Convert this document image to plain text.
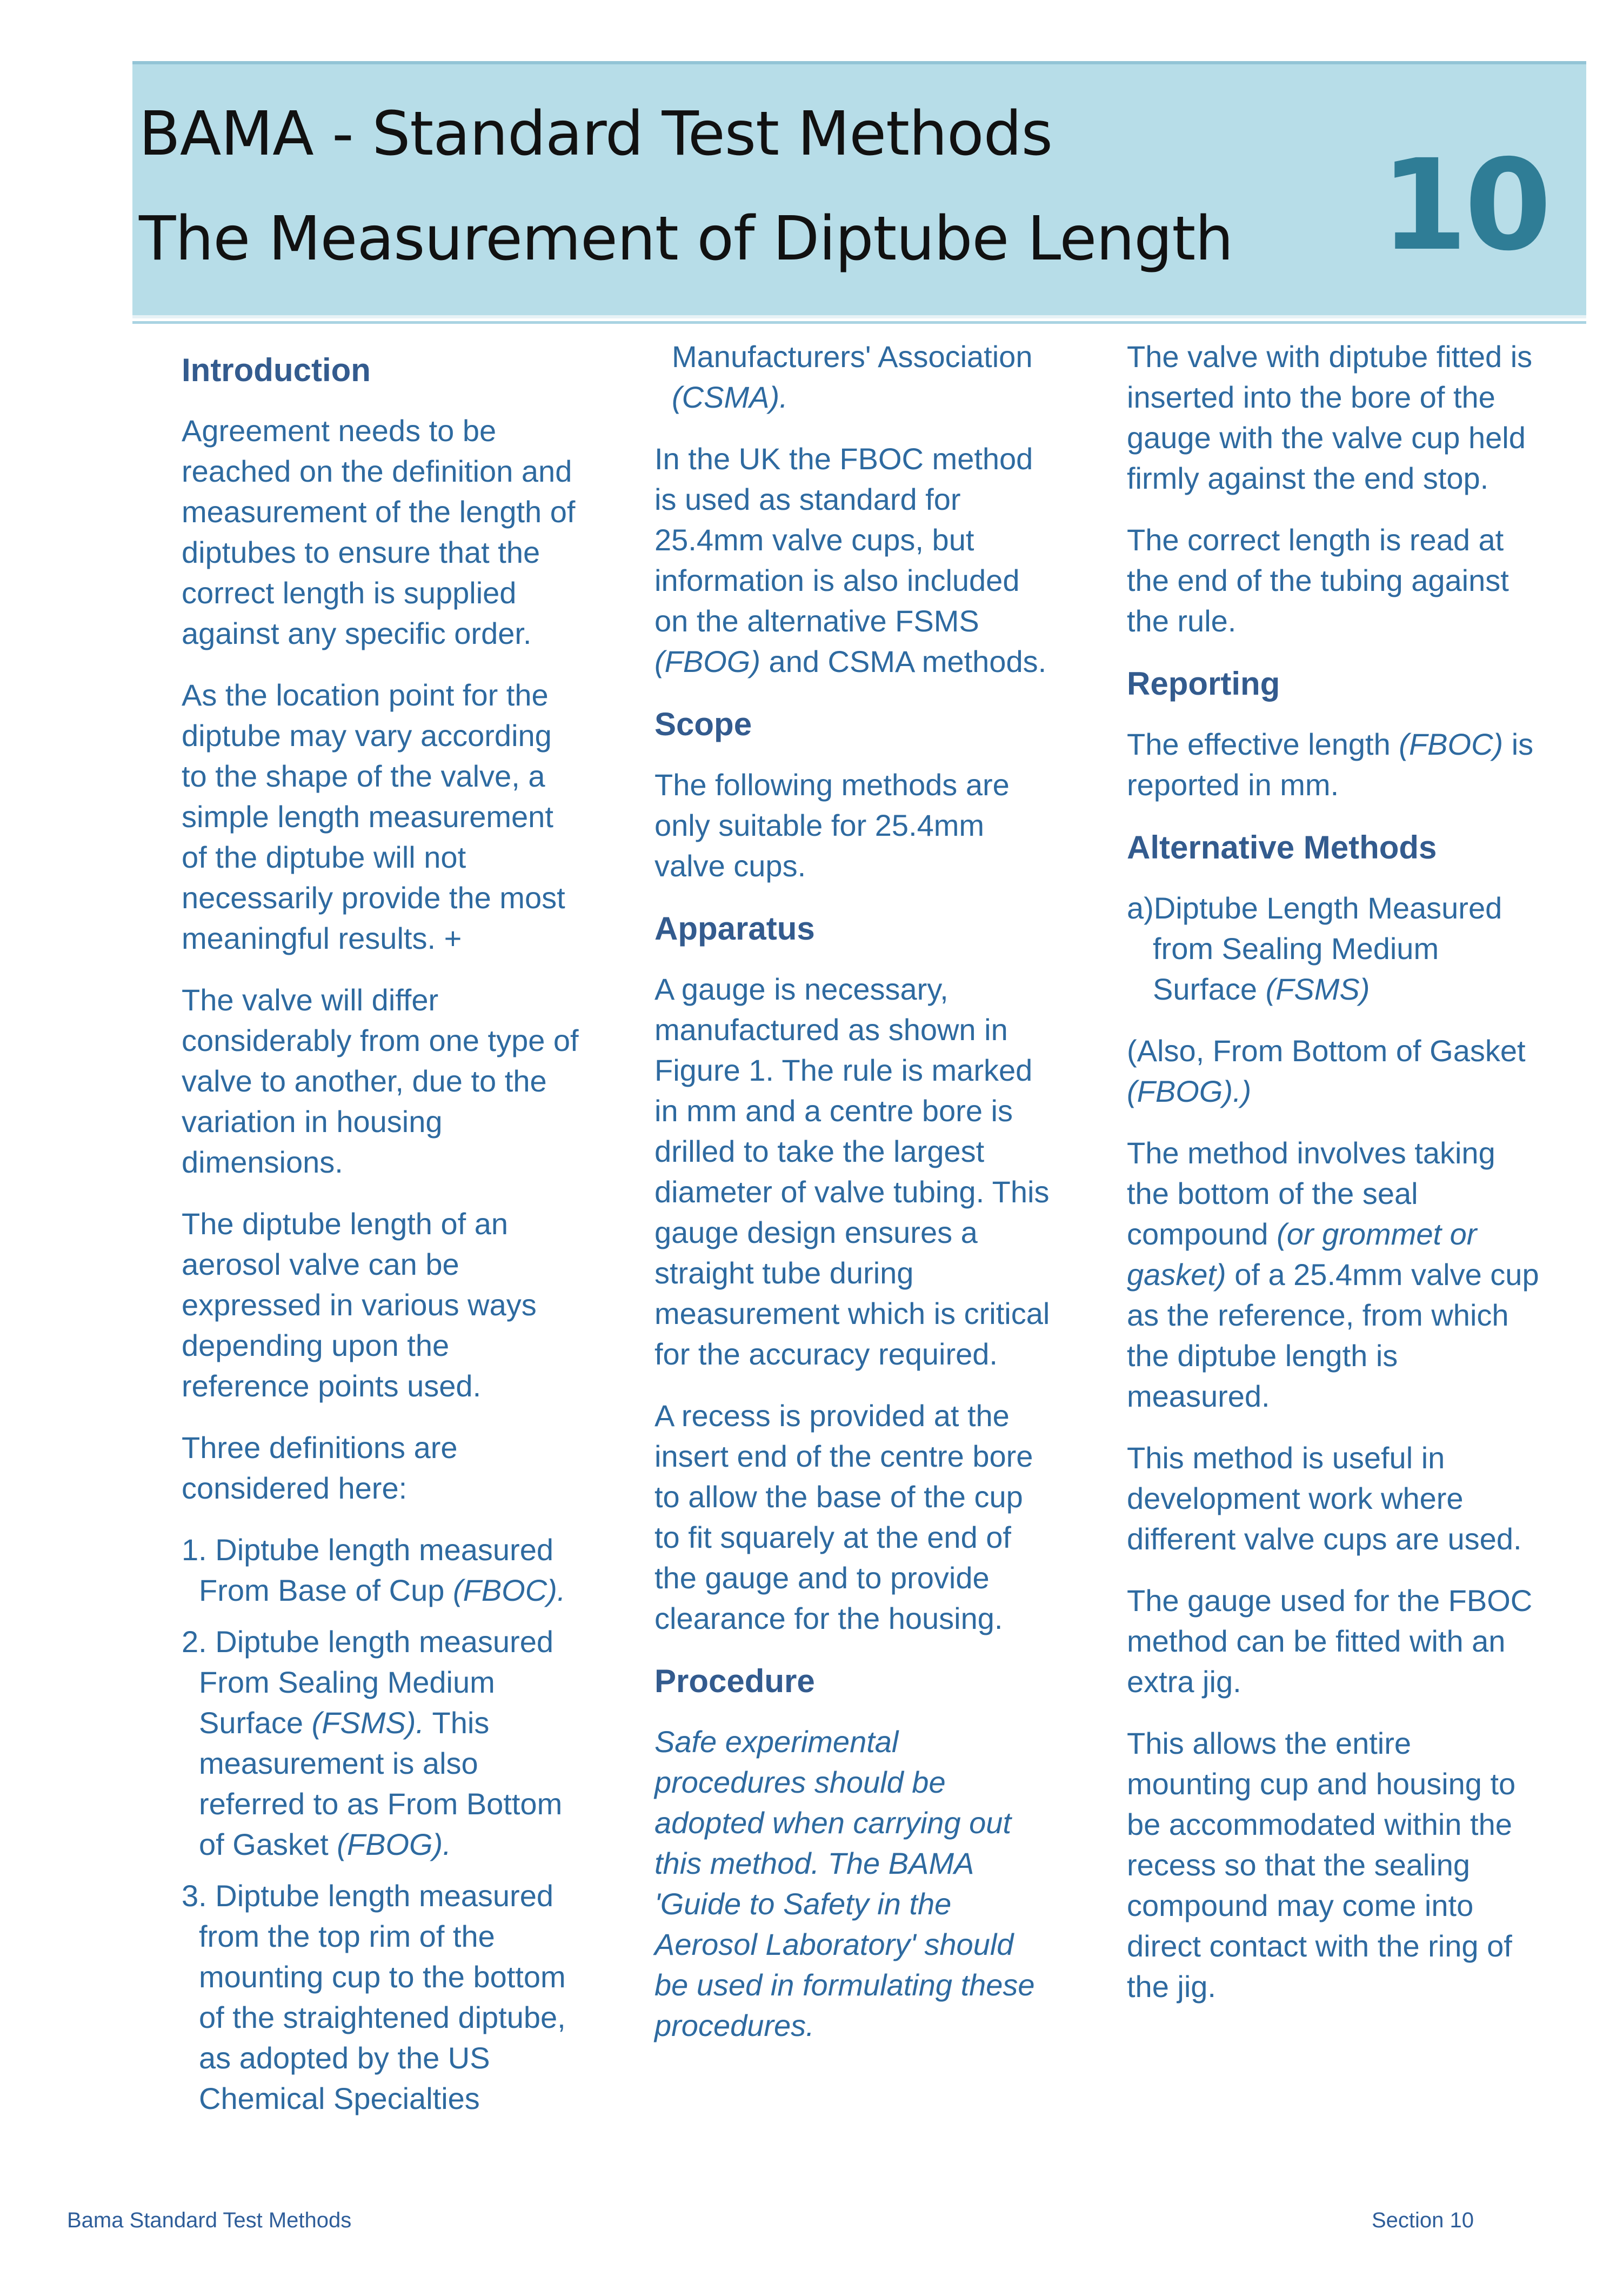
BAMA - Standard Test Methods
The Measurement of Diptube Length 10
Introduction

Agreement needs to be reached on the definition and measurement of the length of diptubes to ensure that the correct length is supplied against any specific order.

As the location point for the diptube may vary according to the shape of the valve, a simple length measurement of the diptube will not necessarily provide the most meaningful results. +

The valve will differ considerably from one type of valve to another, due to the variation in housing dimensions.

The diptube length of an aerosol valve can be expressed in various ways depending upon the reference points used.

Three definitions are considered here:

1. Diptube length measured From Base of Cup (FBOC).
2. Diptube length measured From Sealing Medium Surface (FSMS). This measurement is also referred to as From Bottom of Gasket (FBOG).
3. Diptube length measured from the top rim of the mounting cup to the bottom of the straightened diptube, as adopted by the US Chemical Specialties

Manufacturers' Association (CSMA).

In the UK the FBOC method is used as standard for 25.4mm valve cups, but information is also included on the alternative FSMS (FBOG) and CSMA methods.

Scope

The following methods are only suitable for 25.4mm valve cups.

Apparatus

A gauge is necessary, manufactured as shown in Figure 1. The rule is marked in mm and a centre bore is drilled to take the largest diameter of valve tubing. This gauge design ensures a straight tube during measurement which is critical for the accuracy required.

A recess is provided at the insert end of the centre bore to allow the base of the cup to fit squarely at the end of the gauge and to provide clearance for the housing.

Procedure

Safe experimental procedures should be adopted when carrying out this method. The BAMA 'Guide to Safety in the Aerosol Laboratory' should be used in formulating these procedures.

The valve with diptube fitted is inserted into the bore of the gauge with the valve cup held firmly against the end stop.

The correct length is read at the end of the tubing against the rule.

Reporting

The effective length (FBOC) is reported in mm.

Alternative Methods

a)Diptube Length Measured from Sealing Medium Surface (FSMS)

(Also, From Bottom of Gasket (FBOG).)

The method involves taking the bottom of the seal compound (or grommet or gasket) of a 25.4mm valve cup as the reference, from which the diptube length is measured.

This method is useful in development work where different valve cups are used.

The gauge used for the FBOC method can be fitted with an extra jig.

This allows the entire mounting cup and housing to be accommodated within the recess so that the sealing compound may come into direct contact with the ring of the jig.

Bama Standard Test Methods	Section 10
